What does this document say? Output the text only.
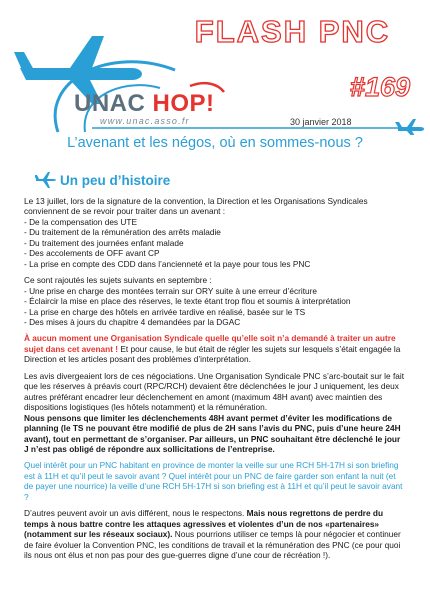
FLASH PNC
#169
UNAC HOP!
www.unac.asso.fr	30 janvier 2018
L’avenant et les négos, où en sommes-nous ?
Un peu d’histoire

Le 13 juillet, lors de la signature de la convention, la Direction et les Organisations Syndicales conviennent de se revoir pour traiter dans un avenant :
- De la compensation des UTE
- Du traitement de la rémunération des arrêts maladie
- Du traitement des journées enfant malade
- Des accolements de OFF avant CP
- La prise en compte des CDD dans l’ancienneté et la paye pour tous les PNC

Ce sont rajoutés les sujets suivants en septembre :
- Une prise en charge des montées terrain sur ORY suite à une erreur d’écriture
- Éclaircir la mise en place des réserves, le texte étant trop flou et soumis à interprétation
- La prise en charge des hôtels en arrivée tardive en réalisé, basée sur le TS
- Des mises à jours du chapitre 4 demandées par la DGAC

À aucun moment une Organisation Syndicale quelle qu’elle soit n’a demandé à traiter un autre sujet dans cet avenant ! Et pour cause, le but était de régler les sujets sur lesquels s’était engagée la Direction et les articles posant des problèmes d’interprétation.

Les avis divergeaient lors de ces négociations. Une Organisation Syndicale PNC s’arc-boutait sur le fait que les réserves à préavis court (RPC/RCH) devaient être déclenchées le jour J uniquement, les deux autres préférant encadrer leur déclenchement en amont (maximum 48H avant) avec maintien des dispositions logistiques (les hôtels notamment) et la rémunération.
Nous pensons que limiter les déclenchements 48H avant permet d’éviter les modifications de planning (le TS ne pouvant être modifié de plus de 2H sans l’avis du PNC, puis d’une heure 24H avant), tout en permettant de s’organiser. Par ailleurs, un PNC souhaitant être déclenché le jour J n’est pas obligé de répondre aux sollicitations de l’entreprise.

Quel intérêt pour un PNC habitant en province de monter la veille sur une RCH 5H-17H si son briefing est à 11H et qu’il peut le savoir avant ? Quel intérêt pour un PNC de faire garder son enfant la nuit (et de payer une nourrice) la veille d’une RCH 5H-17H si son briefing est à 11H et qu’il peut le savoir avant ?

D’autres peuvent avoir un avis différent, nous le respectons. Mais nous regrettons de perdre du temps à nous battre contre les attaques agressives et violentes d’un de nos «partenaires» (notamment sur les réseaux sociaux). Nous pourrions utiliser ce temps là pour négocier et continuer de faire évoluer la Convention PNC, les conditions de travail et la rémunération des PNC (ce pour quoi ils nous ont élus et non pas pour des gue-guerres digne d’une cour de récréation !).
